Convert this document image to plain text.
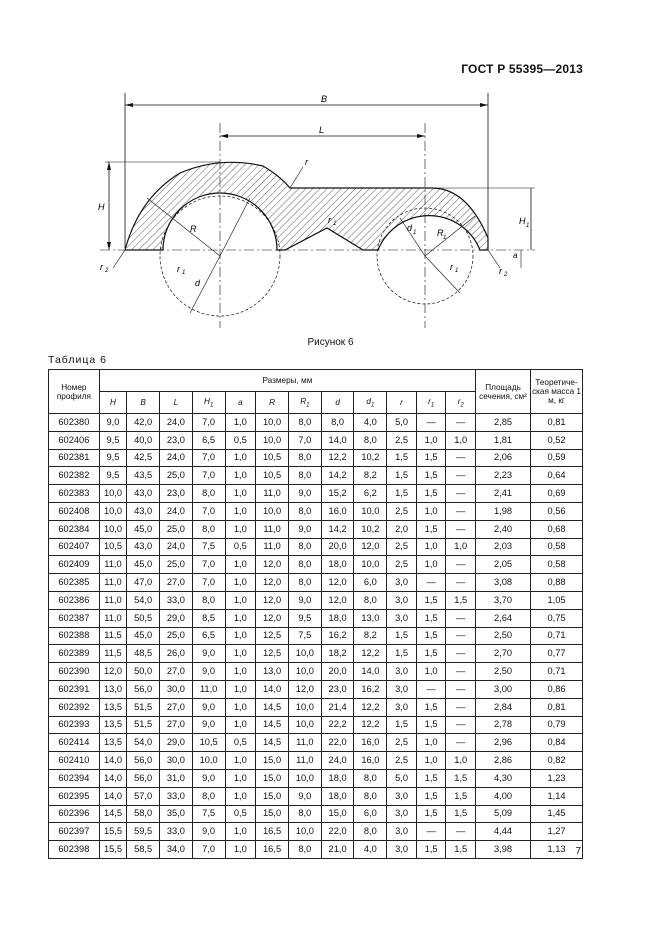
ГОСТ Р 55395—2013
B
L
H
r
H 1
a
R
d
d 1 R 1
r 1
r 1
r 1
r 2	r 2
Рисунок 6
Таблица 6
Номер профиля	Размеры, мм												Площадь сечения, см²	Теоретиче-ская масса 1 м, кг
	H	B	L	$H_1$	a	R	$R_1$	d	$d_1$	r	$r_1$	$r_2$
602380	9,0	42,0	24,0	7,0	1,0	10,0	8,0	8,0	4,0	5,0	—	—	2,85	0,81
602406	9,5	40,0	23,0	6,5	0,5	10,0	7,0	14,0	8,0	2,5	1,0	1,0	1,81	0,52
602381	9,5	42,5	24,0	7,0	1,0	10,5	8,0	12,2	10,2	1,5	1,5	—	2,06	0,59
602382	9,5	43,5	25,0	7,0	1,0	10,5	8,0	14,2	8,2	1,5	1,5	—	2,23	0,64
602383	10,0	43,0	23,0	8,0	1,0	11,0	9,0	15,2	6,2	1,5	1,5	—	2,41	0,69
602408	10,0	43,0	24,0	7,0	1,0	10,0	8,0	16,0	10,0	2,5	1,0	—	1,98	0,56
602384	10,0	45,0	25,0	8,0	1,0	11,0	9,0	14,2	10,2	2,0	1,5	—	2,40	0,68
602407	10,5	43,0	24,0	7,5	0,5	11,0	8,0	20,0	12,0	2,5	1,0	1,0	2,03	0,58
602409	11,0	45,0	25,0	7,0	1,0	12,0	8,0	18,0	10,0	2,5	1,0	—	2,05	0,58
602385	11,0	47,0	27,0	7,0	1,0	12,0	8,0	12,0	6,0	3,0	—	—	3,08	0,88
602386	11,0	54,0	33,0	8,0	1,0	12,0	9,0	12,0	8,0	3,0	1,5	1,5	3,70	1,05
602387	11,0	50,5	29,0	8,5	1,0	12,0	9,5	18,0	13,0	3,0	1,5	—	2,64	0,75
602388	11,5	45,0	25,0	6,5	1,0	12,5	7,5	16,2	8,2	1,5	1,5	—	2,50	0,71
602389	11,5	48,5	26,0	9,0	1,0	12,5	10,0	18,2	12,2	1,5	1,5	—	2,70	0,77
602390	12,0	50,0	27,0	9,0	1,0	13,0	10,0	20,0	14,0	3,0	1,0	—	2,50	0,71
602391	13,0	56,0	30,0	11,0	1,0	14,0	12,0	23,0	16,2	3,0	—	—	3,00	0,86
602392	13,5	51,5	27,0	9,0	1,0	14,5	10,0	21,4	12,2	3,0	1,5	—	2,84	0,81
602393	13,5	51,5	27,0	9,0	1,0	14,5	10,0	22,2	12,2	1,5	1,5	—	2,78	0,79
602414	13,5	54,0	29,0	10,5	0,5	14,5	11,0	22,0	16,0	2,5	1,0	—	2,96	0,84
602410	14,0	56,0	30,0	10,0	1,0	15,0	11,0	24,0	16,0	2,5	1,0	1,0	2,86	0,82
602394	14,0	56,0	31,0	9,0	1,0	15,0	10,0	18,0	8,0	5,0	1,5	1,5	4,30	1,23
602395	14,0	57,0	33,0	8,0	1,0	15,0	9,0	18,0	8,0	3,0	1,5	1,5	4,00	1,14
602396	14,5	58,0	35,0	7,5	0,5	15,0	8,0	15,0	6,0	3,0	1,5	1,5	5,09	1,45
602397	15,5	59,5	33,0	9,0	1,0	16,5	10,0	22,0	8,0	3,0	—	—	4,44	1,27
602398	15,5	58,5	34,0	7,0	1,0	16,5	8,0	21,0	4,0	3,0	1,5	1,5	3,98	1,13 7
